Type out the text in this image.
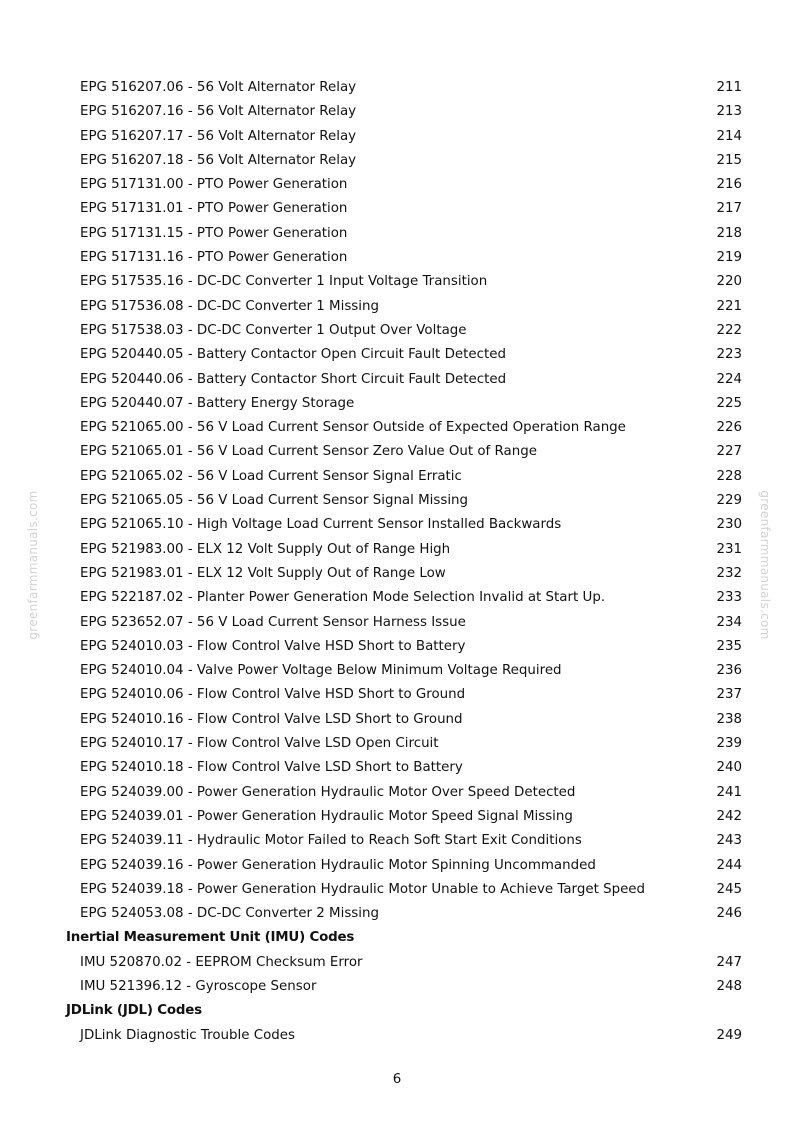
EPG 516207.06 - 56 Volt Alternator Relay	211
EPG 516207.16 - 56 Volt Alternator Relay	213
EPG 516207.17 - 56 Volt Alternator Relay	214
EPG 516207.18 - 56 Volt Alternator Relay	215
EPG 517131.00 - PTO Power Generation	216
EPG 517131.01 - PTO Power Generation	217
EPG 517131.15 - PTO Power Generation	218
EPG 517131.16 - PTO Power Generation	219
EPG 517535.16 - DC-DC Converter 1 Input Voltage Transition	220
EPG 517536.08 - DC-DC Converter 1 Missing	221
EPG 517538.03 - DC-DC Converter 1 Output Over Voltage	222
EPG 520440.05 - Battery Contactor Open Circuit Fault Detected	223
EPG 520440.06 - Battery Contactor Short Circuit Fault Detected	224
EPG 520440.07 - Battery Energy Storage	225
EPG 521065.00 - 56 V Load Current Sensor Outside of Expected Operation Range	226
EPG 521065.01 - 56 V Load Current Sensor Zero Value Out of Range	227
EPG 521065.02 - 56 V Load Current Sensor Signal Erratic	228
EPG 521065.05 - 56 V Load Current Sensor Signal Missing	229
EPG 521065.10 - High Voltage Load Current Sensor Installed Backwards	230
EPG 521983.00 - ELX 12 Volt Supply Out of Range High	231
EPG 521983.01 - ELX 12 Volt Supply Out of Range Low	232
EPG 522187.02 - Planter Power Generation Mode Selection Invalid at Start Up.	233
EPG 523652.07 - 56 V Load Current Sensor Harness Issue	234
EPG 524010.03 - Flow Control Valve HSD Short to Battery	235
EPG 524010.04 - Valve Power Voltage Below Minimum Voltage Required	236
EPG 524010.06 - Flow Control Valve HSD Short to Ground	237
EPG 524010.16 - Flow Control Valve LSD Short to Ground	238
EPG 524010.17 - Flow Control Valve LSD Open Circuit	239
EPG 524010.18 - Flow Control Valve LSD Short to Battery	240
EPG 524039.00 - Power Generation Hydraulic Motor Over Speed Detected	241
EPG 524039.01 - Power Generation Hydraulic Motor Speed Signal Missing	242
EPG 524039.11 - Hydraulic Motor Failed to Reach Soft Start Exit Conditions	243
EPG 524039.16 - Power Generation Hydraulic Motor Spinning Uncommanded	244
EPG 524039.18 - Power Generation Hydraulic Motor Unable to Achieve Target Speed	245
EPG 524053.08 - DC-DC Converter 2 Missing	246
Inertial Measurement Unit (IMU) Codes
IMU 520870.02 - EEPROM Checksum Error	247
IMU 521396.12 - Gyroscope Sensor	248
JDLink (JDL) Codes
JDLink Diagnostic Trouble Codes	249
6
greenfarmmanuals.com	greenfarmmanuals.com
